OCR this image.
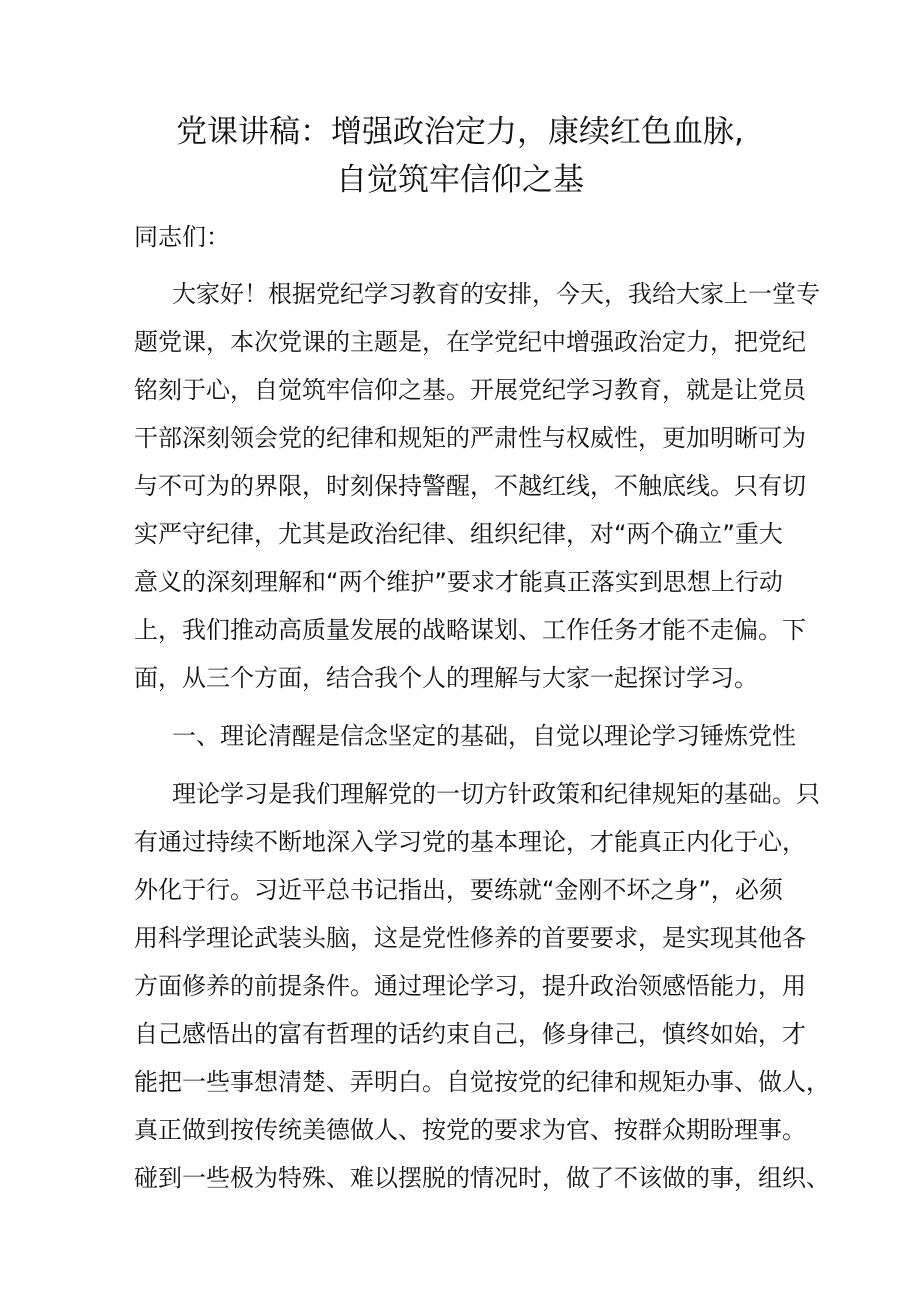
党课讲稿：增强政治定力，康续红色血脉,
自觉筑牢信仰之基

同志们：

大家好！根据党纪学习教育的安排，今天，我给大家上一堂专

题党课，本次党课的主题是，在学党纪中增强政治定力，把党纪

铭刻于心，自觉筑牢信仰之基。开展党纪学习教育，就是让党员

干部深刻领会党的纪律和规矩的严肃性与权威性，更加明晰可为

与不可为的界限，时刻保持警醒，不越红线，不触底线。只有切

实严守纪律，尤其是政治纪律、组织纪律，对“两个确立”重大

意义的深刻理解和“两个维护”要求才能真正落实到思想上行动

上，我们推动高质量发展的战略谋划、工作任务才能不走偏。下

面，从三个方面，结合我个人的理解与大家一起探讨学习。

一、理论清醒是信念坚定的基础，自觉以理论学习锤炼党性

理论学习是我们理解党的一切方针政策和纪律规矩的基础。只

有通过持续不断地深入学习党的基本理论，才能真正内化于心，

外化于行。习近平总书记指出，要练就“金刚不坏之身”，必须

用科学理论武装头脑，这是党性修养的首要要求，是实现其他各

方面修养的前提条件。通过理论学习，提升政治领感悟能力，用

自己感悟出的富有哲理的话约束自己，修身律己，慎终如始，才

能把一些事想清楚、弄明白。自觉按党的纪律和规矩办事、做人，

真正做到按传统美德做人、按党的要求为官、按群众期盼理事。

碰到一些极为特殊、难以摆脱的情况时，做了不该做的事，组织、
